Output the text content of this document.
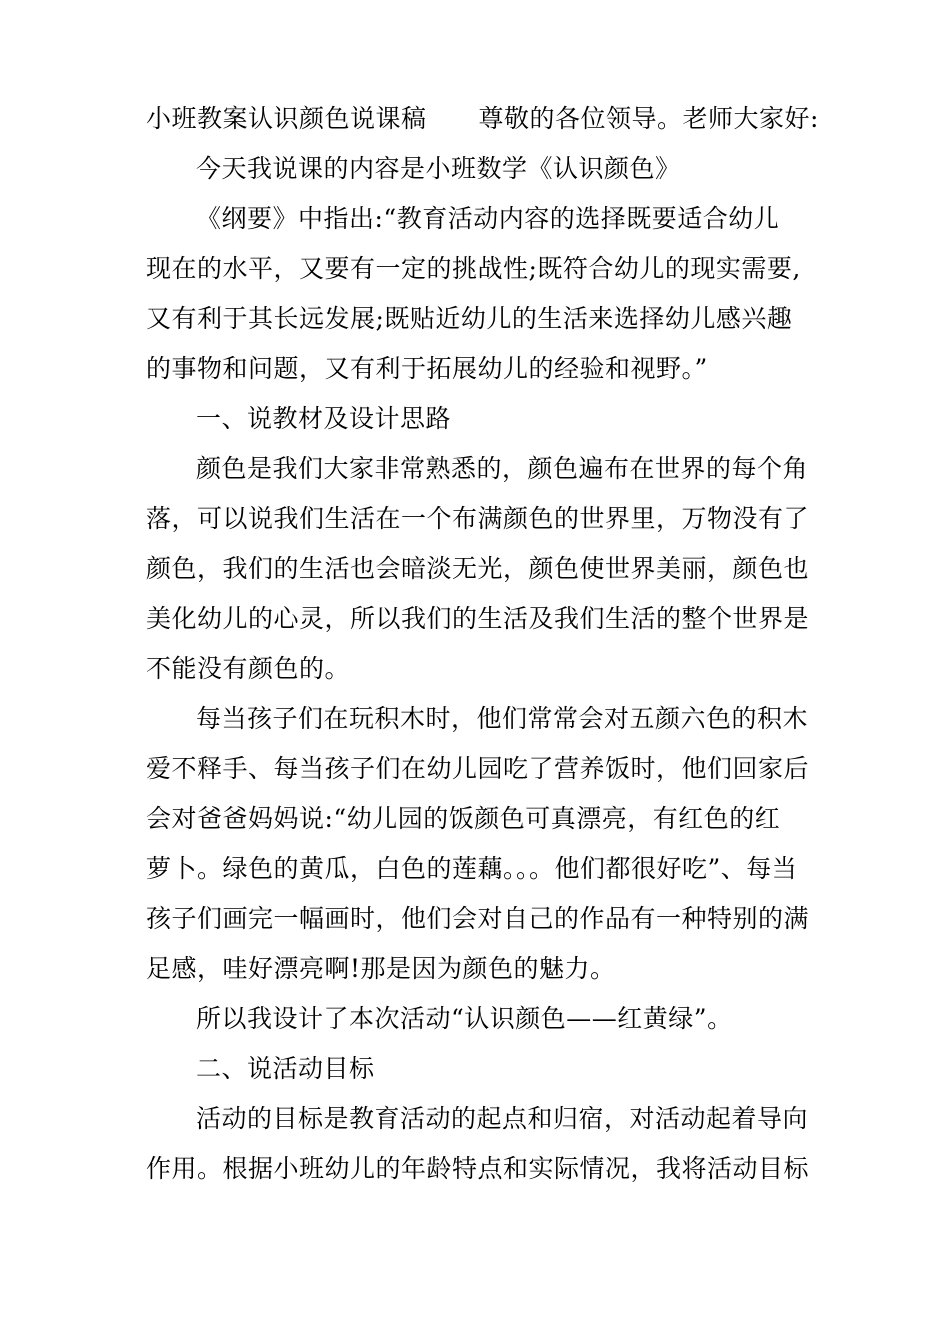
小班教案认识颜色说课稿 尊敬的各位领导。老师大家好:
今天我说课的内容是小班数学《认识颜色》
《纲要》中指出:“教育活动内容的选择既要适合幼儿
现在的水平，又要有一定的挑战性;既符合幼儿的现实需要,
又有利于其长远发展;既贴近幼儿的生活来选择幼儿感兴趣
的事物和问题，又有利于拓展幼儿的经验和视野。”
一、说教材及设计思路
颜色是我们大家非常熟悉的，颜色遍布在世界的每个角
落，可以说我们生活在一个布满颜色的世界里，万物没有了
颜色，我们的生活也会暗淡无光，颜色使世界美丽，颜色也
美化幼儿的心灵，所以我们的生活及我们生活的整个世界是
不能没有颜色的。
每当孩子们在玩积木时，他们常常会对五颜六色的积木
爱不释手、每当孩子们在幼儿园吃了营养饭时，他们回家后
会对爸爸妈妈说:“幼儿园的饭颜色可真漂亮，有红色的红
萝卜。绿色的黄瓜，白色的莲藕。。。他们都很好吃”、每当
孩子们画完一幅画时，他们会对自己的作品有一种特别的满
足感，哇好漂亮啊!那是因为颜色的魅力。
所以我设计了本次活动“认识颜色——红黄绿”。
二、说活动目标
活动的目标是教育活动的起点和归宿，对活动起着导向
作用。根据小班幼儿的年龄特点和实际情况，我将活动目标
